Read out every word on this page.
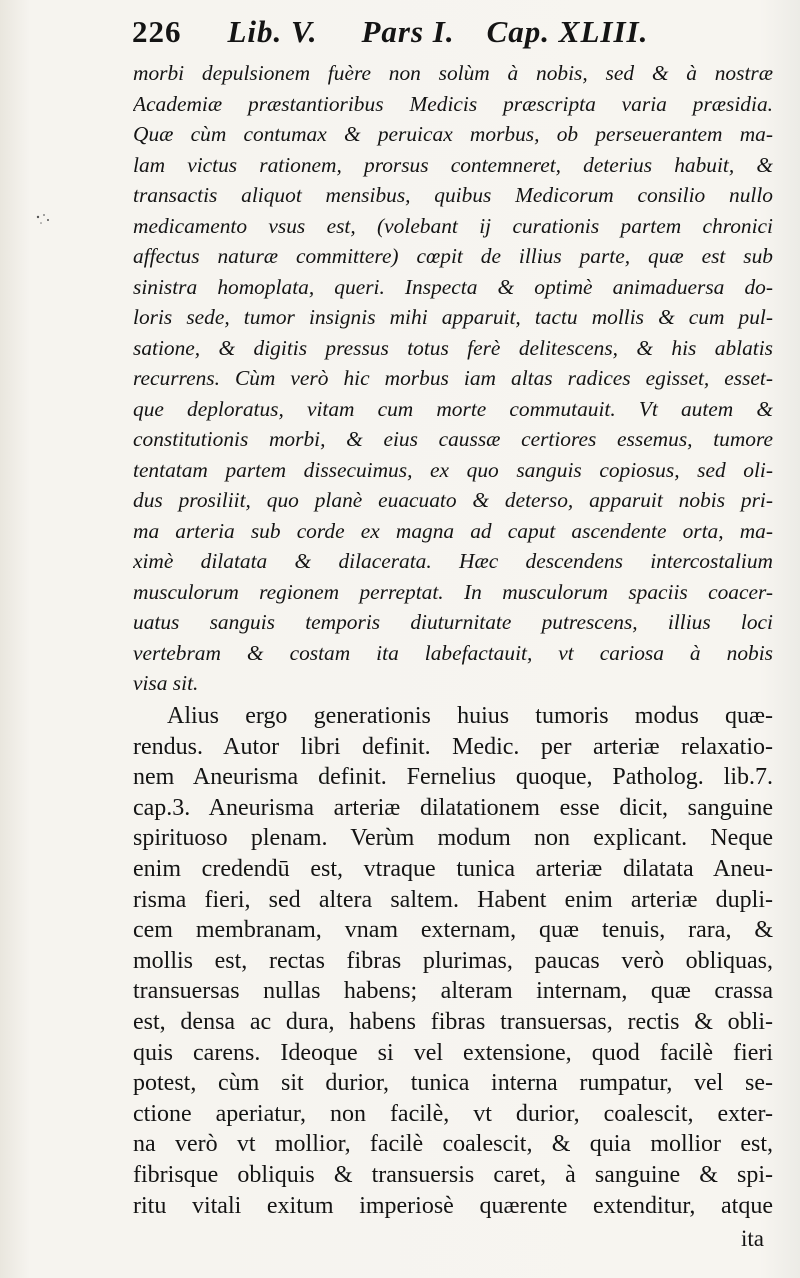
226 Lib. V. Pars I. Cap. XLIII.
morbi depulsionem fuère non solùm à nobis, sed & à nostræ
Academiæ præstantioribus Medicis præscripta varia præsidia.
Quæ cùm contumax & peruicax morbus, ob perseuerantem ma-
lam victus rationem, prorsus contemneret, deterius habuit, &
transactis aliquot mensibus, quibus Medicorum consilio nullo
medicamento vsus est, (volebant ij curationis partem chronici
affectus naturæ committere) cœpit de illius parte, quæ est sub
sinistra homoplata, queri. Inspecta & optimè animaduersa do-
loris sede, tumor insignis mihi apparuit, tactu mollis & cum pul-
satione, & digitis pressus totus ferè delitescens, & his ablatis
recurrens. Cùm verò hic morbus iam altas radices egisset, esset-
que deploratus, vitam cum morte commutauit. Vt autem &
constitutionis morbi, & eius caussæ certiores essemus, tumore
tentatam partem dissecuimus, ex quo sanguis copiosus, sed oli-
dus prosiliit, quo planè euacuato & deterso, apparuit nobis pri-
ma arteria sub corde ex magna ad caput ascendente orta, ma-
ximè dilatata & dilacerata. Hæc descendens intercostalium
musculorum regionem perreptat. In musculorum spaciis coacer-
uatus sanguis temporis diuturnitate putrescens, illius loci
vertebram & costam ita labefactauit, vt cariosa à nobis
visa sit.
Alius ergo generationis huius tumoris modus quæ-
rendus. Autor libri definit. Medic. per arteriæ relaxatio-
nem Aneurisma definit. Fernelius quoque, Patholog. lib.7.
cap.3. Aneurisma arteriæ dilatationem esse dicit, sanguine
spirituoso plenam. Verùm modum non explicant. Neque
enim credendū est, vtraque tunica arteriæ dilatata Aneu-
risma fieri, sed altera saltem. Habent enim arteriæ dupli-
cem membranam, vnam externam, quæ tenuis, rara, &
mollis est, rectas fibras plurimas, paucas verò obliquas,
transuersas nullas habens; alteram internam, quæ crassa
est, densa ac dura, habens fibras transuersas, rectis & obli-
quis carens. Ideoque si vel extensione, quod facilè fieri
potest, cùm sit durior, tunica interna rumpatur, vel se-
ctione aperiatur, non facilè, vt durior, coalescit, exter-
na verò vt mollior, facilè coalescit, & quia mollior est,
fibrisque obliquis & transuersis caret, à sanguine & spi-
ritu vitali exitum imperiosè quærente extenditur, atque
ita
